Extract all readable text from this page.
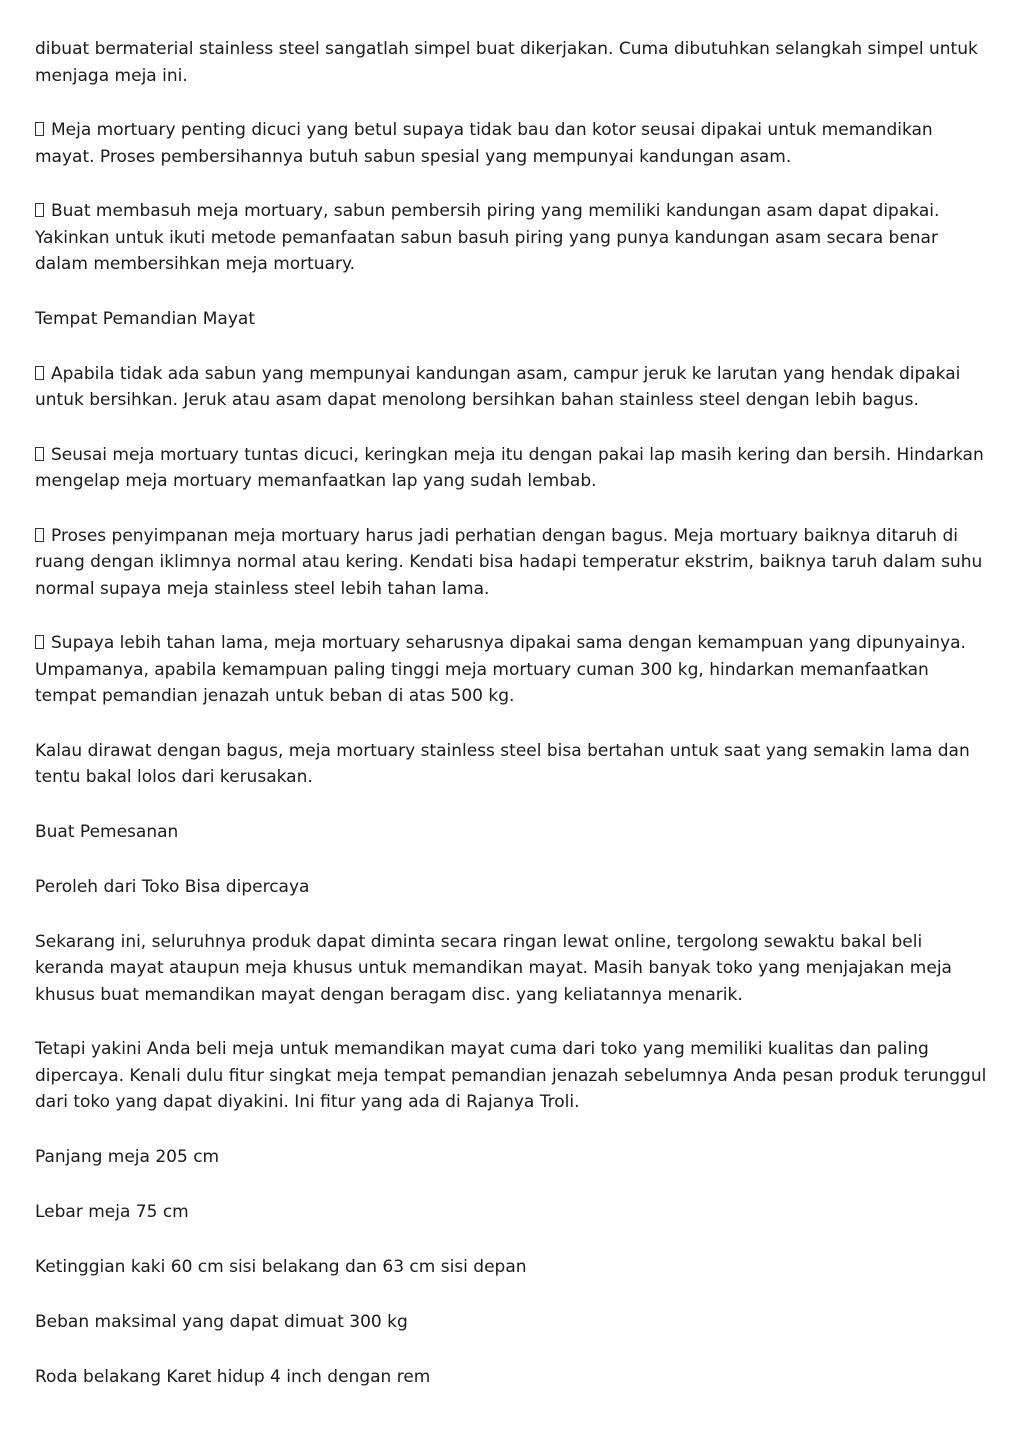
dibuat bermaterial stainless steel sangatlah simpel buat dikerjakan. Cuma dibutuhkan selangkah simpel untuk menjaga meja ini.

Meja mortuary penting dicuci yang betul supaya tidak bau dan kotor seusai dipakai untuk memandikan mayat. Proses pembersihannya butuh sabun spesial yang mempunyai kandungan asam.

Buat membasuh meja mortuary, sabun pembersih piring yang memiliki kandungan asam dapat dipakai. Yakinkan untuk ikuti metode pemanfaatan sabun basuh piring yang punya kandungan asam secara benar dalam membersihkan meja mortuary.

Tempat Pemandian Mayat

Apabila tidak ada sabun yang mempunyai kandungan asam, campur jeruk ke larutan yang hendak dipakai untuk bersihkan. Jeruk atau asam dapat menolong bersihkan bahan stainless steel dengan lebih bagus.

Seusai meja mortuary tuntas dicuci, keringkan meja itu dengan pakai lap masih kering dan bersih. Hindarkan mengelap meja mortuary memanfaatkan lap yang sudah lembab.

Proses penyimpanan meja mortuary harus jadi perhatian dengan bagus. Meja mortuary baiknya ditaruh di ruang dengan iklimnya normal atau kering. Kendati bisa hadapi temperatur ekstrim, baiknya taruh dalam suhu normal supaya meja stainless steel lebih tahan lama.

Supaya lebih tahan lama, meja mortuary seharusnya dipakai sama dengan kemampuan yang dipunyainya. Umpamanya, apabila kemampuan paling tinggi meja mortuary cuman 300 kg, hindarkan memanfaatkan tempat pemandian jenazah untuk beban di atas 500 kg.

Kalau dirawat dengan bagus, meja mortuary stainless steel bisa bertahan untuk saat yang semakin lama dan tentu bakal lolos dari kerusakan.

Buat Pemesanan

Peroleh dari Toko Bisa dipercaya

Sekarang ini, seluruhnya produk dapat diminta secara ringan lewat online, tergolong sewaktu bakal beli keranda mayat ataupun meja khusus untuk memandikan mayat. Masih banyak toko yang menjajakan meja khusus buat memandikan mayat dengan beragam disc. yang keliatannya menarik.

Tetapi yakini Anda beli meja untuk memandikan mayat cuma dari toko yang memiliki kualitas dan paling dipercaya. Kenali dulu fitur singkat meja tempat pemandian jenazah sebelumnya Anda pesan produk terunggul dari toko yang dapat diyakini. Ini fitur yang ada di Rajanya Troli.

Panjang meja 205 cm

Lebar meja 75 cm

Ketinggian kaki 60 cm sisi belakang dan 63 cm sisi depan

Beban maksimal yang dapat dimuat 300 kg

Roda belakang Karet hidup 4 inch dengan rem
